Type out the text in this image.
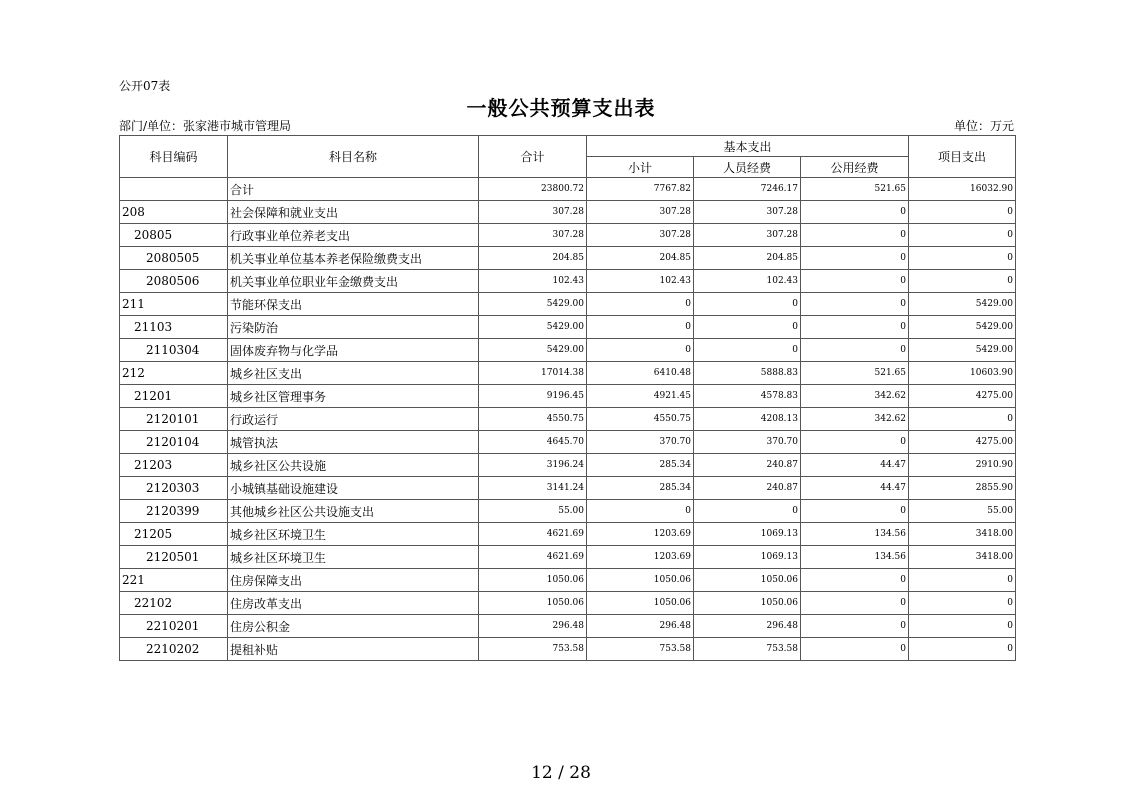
公开07表
一般公共预算支出表
部门/单位：张家港市城市管理局	单位：万元
科目编码	科目名称	合计	基本支出			项目支出
			小计	人员经费	公用经费	
	合计	23800.72	7767.82	7246.17	521.65	16032.90
208	社会保障和就业支出	307.28	307.28	307.28	0	0
20805	行政事业单位养老支出	307.28	307.28	307.28	0	0
2080505	机关事业单位基本养老保险缴费支出	204.85	204.85	204.85	0	0
2080506	机关事业单位职业年金缴费支出	102.43	102.43	102.43	0	0
211	节能环保支出	5429.00	0	0	0	5429.00
21103	污染防治	5429.00	0	0	0	5429.00
2110304	固体废弃物与化学品	5429.00	0	0	0	5429.00
212	城乡社区支出	17014.38	6410.48	5888.83	521.65	10603.90
21201	城乡社区管理事务	9196.45	4921.45	4578.83	342.62	4275.00
2120101	行政运行	4550.75	4550.75	4208.13	342.62	0
2120104	城管执法	4645.70	370.70	370.70	0	4275.00
21203	城乡社区公共设施	3196.24	285.34	240.87	44.47	2910.90
2120303	小城镇基础设施建设	3141.24	285.34	240.87	44.47	2855.90
2120399	其他城乡社区公共设施支出	55.00	0	0	0	55.00
21205	城乡社区环境卫生	4621.69	1203.69	1069.13	134.56	3418.00
2120501	城乡社区环境卫生	4621.69	1203.69	1069.13	134.56	3418.00
221	住房保障支出	1050.06	1050.06	1050.06	0	0
22102	住房改革支出	1050.06	1050.06	1050.06	0	0
2210201	住房公积金	296.48	296.48	296.48	0	0
2210202	提租补贴	753.58	753.58	753.58	0	0
12 / 28
